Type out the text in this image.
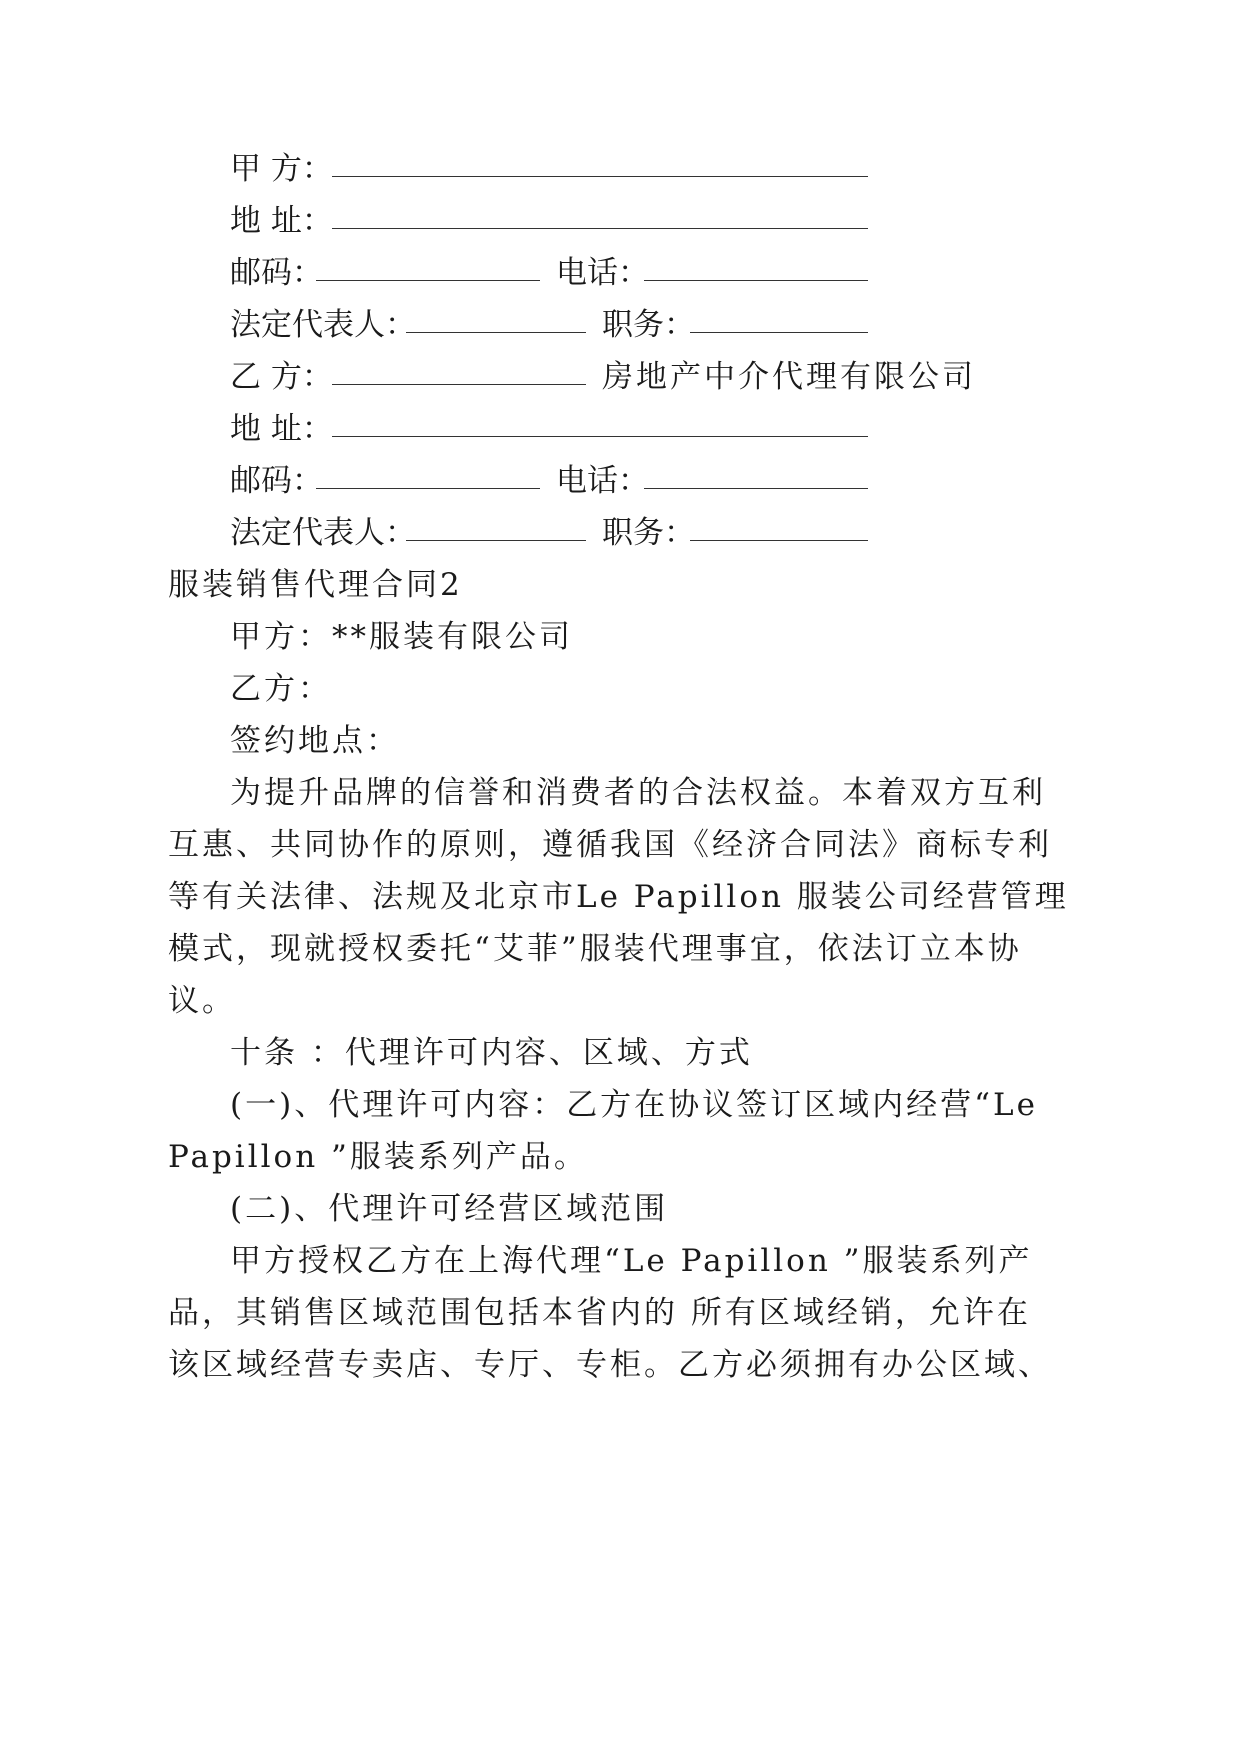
甲 方：
地 址：
邮码：	电话：
法定代表人：	职务：
乙 方：	房地产中介代理有限公司
地 址：
邮码：	电话：
法定代表人：	职务：
服装销售代理合同2
甲方：**服装有限公司
乙方：
签约地点：
为提升品牌的信誉和消费者的合法权益。本着双方互利
互惠、共同协作的原则，遵循我国《经济合同法》商标专利
等有关法律、法规及北京市Le Papillon 服装公司经营管理
模式，现就授权委托“艾菲”服装代理事宜，依法订立本协
议。
十条 ：代理许可内容、区域、方式
(一)、代理许可内容：乙方在协议签订区域内经营“Le
Papillon ”服装系列产品。
(二)、代理许可经营区域范围
甲方授权乙方在上海代理“Le Papillon ”服装系列产
品，其销售区域范围包括本省内的 所有区域经销，允许在
该区域经营专卖店、专厅、专柜。乙方必须拥有办公区域、
